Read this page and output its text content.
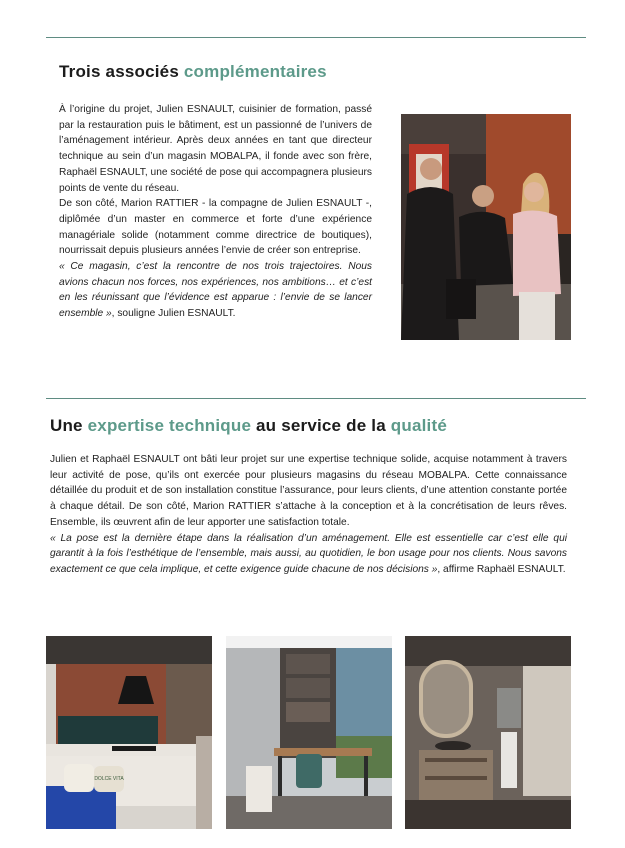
Trois associés complémentaires
À l’origine du projet, Julien ESNAULT, cuisinier de formation, passé par la restauration puis le bâtiment, est un passionné de l’univers de l’aménagement intérieur. Après deux années en tant que directeur technique au sein d’un magasin MOBALPA, il fonde avec son frère, Raphaël ESNAULT, une société de pose qui accompagnera plusieurs points de vente du réseau.
De son côté, Marion RATTIER - la compagne de Julien ESNAULT -, diplômée d’un master en commerce et forte d’une expérience managériale solide (notamment comme directrice de boutiques), nourrissait depuis plusieurs années l’envie de créer son entreprise.
« Ce magasin, c’est la rencontre de nos trois trajectoires. Nous avions chacun nos forces, nos expériences, nos ambitions… et c’est en les réunissant que l’évidence est apparue : l’envie de se lancer ensemble », souligne Julien ESNAULT.
Une expertise technique au service de la qualité
Julien et Raphaël ESNAULT ont bâti leur projet sur une expertise technique solide, acquise notamment à travers leur activité de pose, qu’ils ont exercée pour plusieurs magasins du réseau MOBALPA. Cette connaissance détaillée du produit et de son installation constitue l’assurance, pour leurs clients, d’une attention constante portée à chaque détail. De son côté, Marion RATTIER s’attache à la conception et à la concrétisation de leurs rêves. Ensemble, ils œuvrent afin de leur apporter une satisfaction totale.
« La pose est la dernière étape dans la réalisation d’un aménagement. Elle est essentielle car c’est elle qui garantit à la fois l’esthétique de l’ensemble, mais aussi, au quotidien, le bon usage pour nos clients. Nous savons exactement ce que cela implique, et cette exigence guide chacune de nos décisions », affirme Raphaël ESNAULT.
DOLCE VITA
